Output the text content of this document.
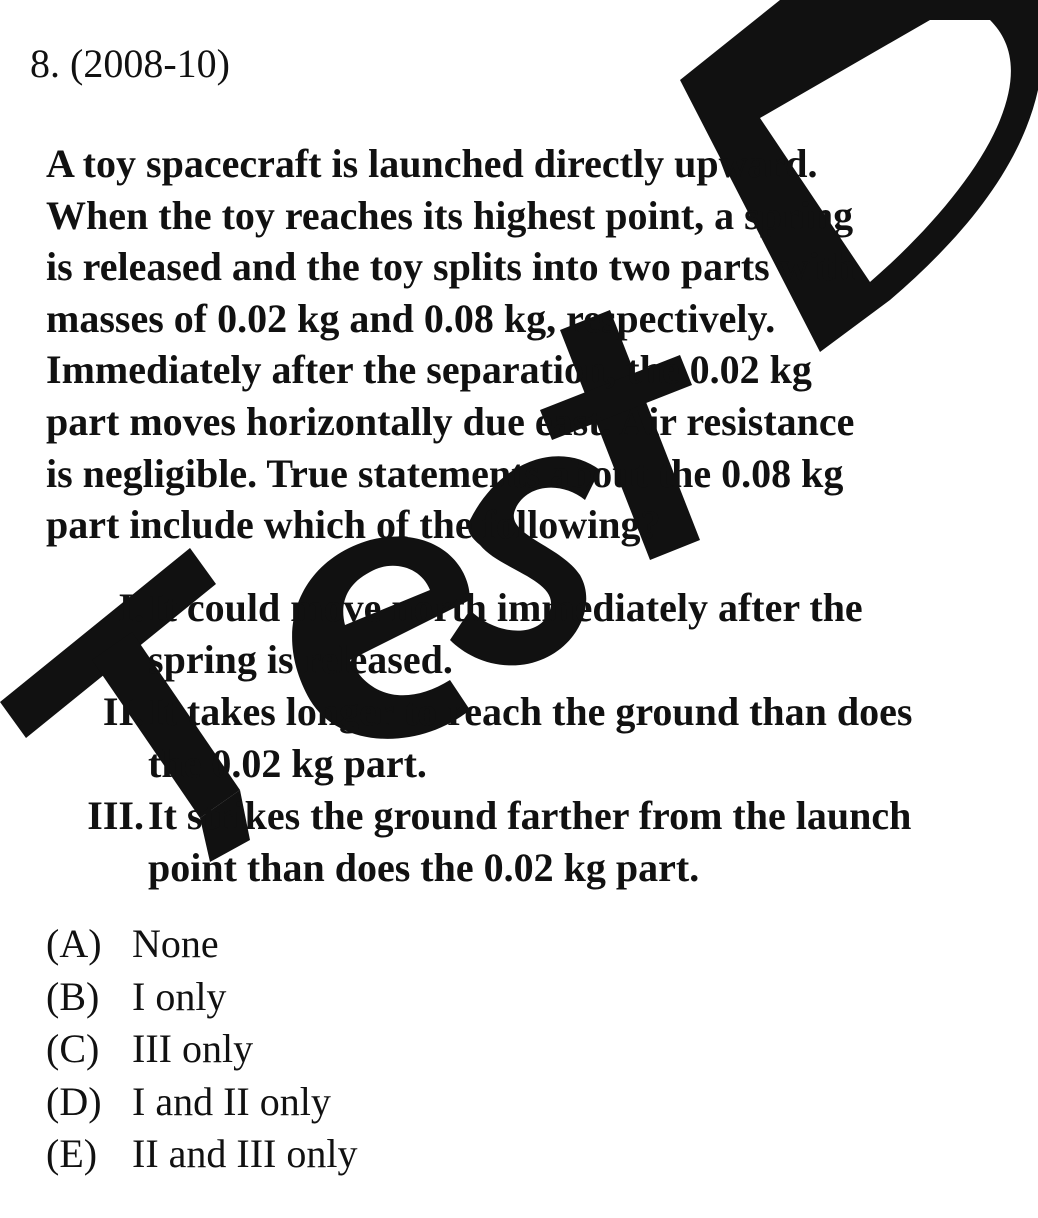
8. (2008-10)
A toy spacecraft is launched directly upward.
When the toy reaches its highest point, a spring
is released and the toy splits into two parts with
masses of 0.02 kg and 0.08 kg, respectively.
Immediately after the separation, the 0.02 kg
part moves horizontally due east. Air resistance
is negligible. True statements about the 0.08 kg
part include which of the following?
I. It could move north immediately after the
spring is released.
II. It takes longer to reach the ground than does
the 0.02 kg part.
III. It strikes the ground farther from the launch
point than does the 0.02 kg part.
(A) None
(B) I only
(C) III only
(D) I and II only
(E) II and III only
